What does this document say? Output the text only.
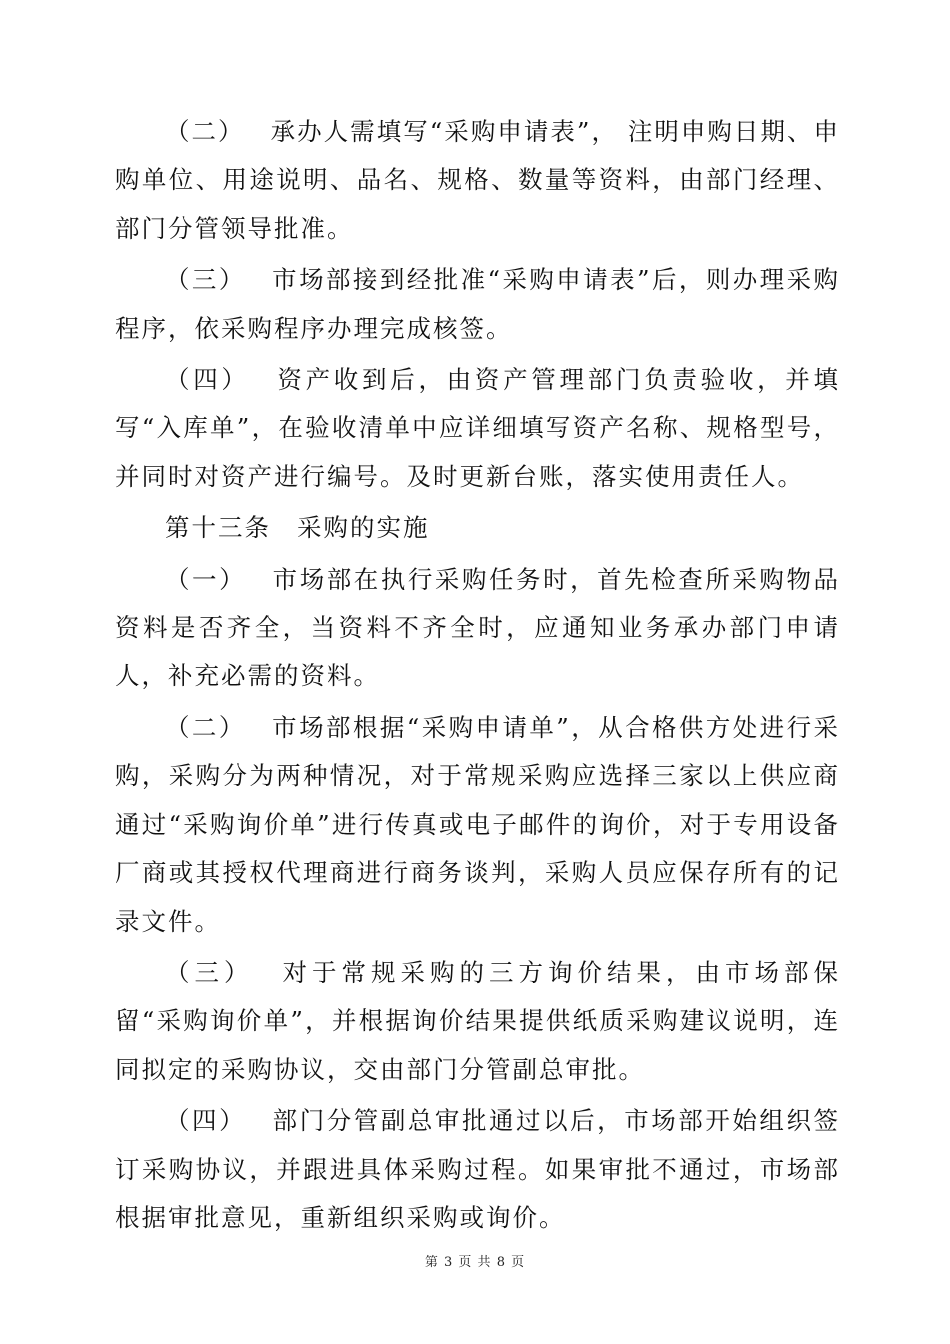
（二） 承办人需填写“采购申请表”， 注明申购日期、申购单位、用途说明、品名、规格、数量等资料，由部门经理、部门分管领导批准。

（三） 市场部接到经批准“采购申请表”后，则办理采购程序，依采购程序办理完成核签。

（四） 资产收到后，由资产管理部门负责验收，并填写“入库单”，在验收清单中应详细填写资产名称、规格型号，并同时对资产进行编号。及时更新台账，落实使用责任人。

第十三条 采购的实施

（一） 市场部在执行采购任务时，首先检查所采购物品资料是否齐全，当资料不齐全时，应通知业务承办部门申请人，补充必需的资料。

（二） 市场部根据“采购申请单”，从合格供方处进行采购，采购分为两种情况，对于常规采购应选择三家以上供应商通过“采购询价单”进行传真或电子邮件的询价，对于专用设备厂商或其授权代理商进行商务谈判，采购人员应保存所有的记录文件。

（三） 对于常规采购的三方询价结果，由市场部保留“采购询价单”，并根据询价结果提供纸质采购建议说明，连同拟定的采购协议，交由部门分管副总审批。

（四） 部门分管副总审批通过以后，市场部开始组织签订采购协议，并跟进具体采购过程。如果审批不通过，市场部根据审批意见，重新组织采购或询价。

第 3 页 共 8 页
